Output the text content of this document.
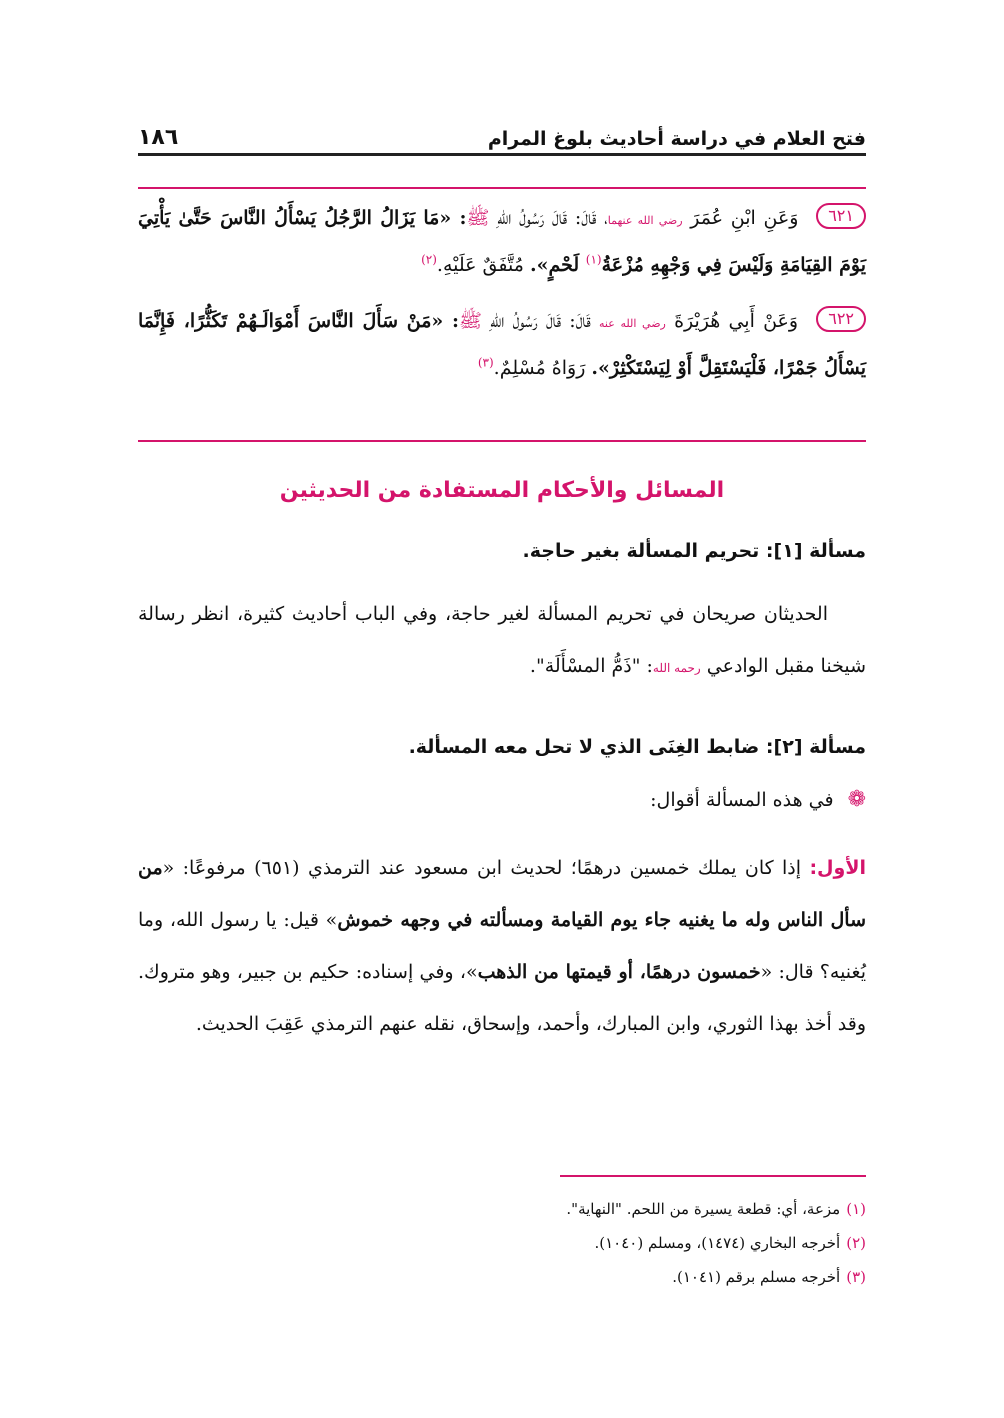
فتح العلام في دراسة أحاديث بلوغ المرام
١٨٦

٦٢١ وَعَنِ ابْنِ عُمَرَ رضي الله عنهما، قَالَ: قَالَ رَسُولُ اللهِ ﷺ: «مَا يَزَالُ الرَّجُلُ يَسْأَلُ النَّاسَ حَتَّىٰ يَأْتِيَ يَوْمَ القِيَامَةِ وَلَيْسَ فِي وَجْهِهِ مُزْعَةُ$^{(١)}$ لَحْمٍ». مُتَّفَقٌ عَلَيْهِ.$^{(٢)}$

٦٢٢ وَعَنْ أَبِي هُرَيْرَةَ رضي الله عنه قَالَ: قَالَ رَسُولُ اللهِ ﷺ: «مَنْ سَأَلَ النَّاسَ أَمْوَالَـهُمْ تَكَثُّرًا، فَإِنَّمَا يَسْأَلُ جَمْرًا، فَلْيَسْتَقِلَّ أَوْ لِيَسْتَكْثِرْ». رَوَاهُ مُسْلِمٌ.$^{(٣)}$

المسائل والأحكام المستفادة من الحديثين
مسألة [١]: تحريم المسألة بغير حاجة.

الحديثان صريحان في تحريم المسألة لغير حاجة، وفي الباب أحاديث كثيرة، انظر رسالة شيخنا مقبل الوادعي رحمه الله: "ذَمُّ المسْأَلَة".

مسألة [٢]: ضابط الغِنَى الذي لا تحل معه المسألة.
❁في هذه المسألة أقوال:

الأول: إذا كان يملك خمسين درهمًا؛ لحديث ابن مسعود عند الترمذي (٦٥١) مرفوعًا: «من سأل الناس وله ما يغنيه جاء يوم القيامة ومسألته في وجهه خموش» قيل: يا رسول الله، وما يُغنيه؟ قال: «خمسون درهمًا، أو قيمتها من الذهب»، وفي إسناده: حكيم بن جبير، وهو متروك. وقد أخذ بهذا الثوري، وابن المبارك، وأحمد، وإسحاق، نقله عنهم الترمذي عَقِبَ الحديث.

(١)مزعة، أي: قطعة يسيرة من اللحم. "النهاية".
(٢)أخرجه البخاري (١٤٧٤)، ومسلم (١٠٤٠).
(٣)أخرجه مسلم برقم (١٠٤١).
